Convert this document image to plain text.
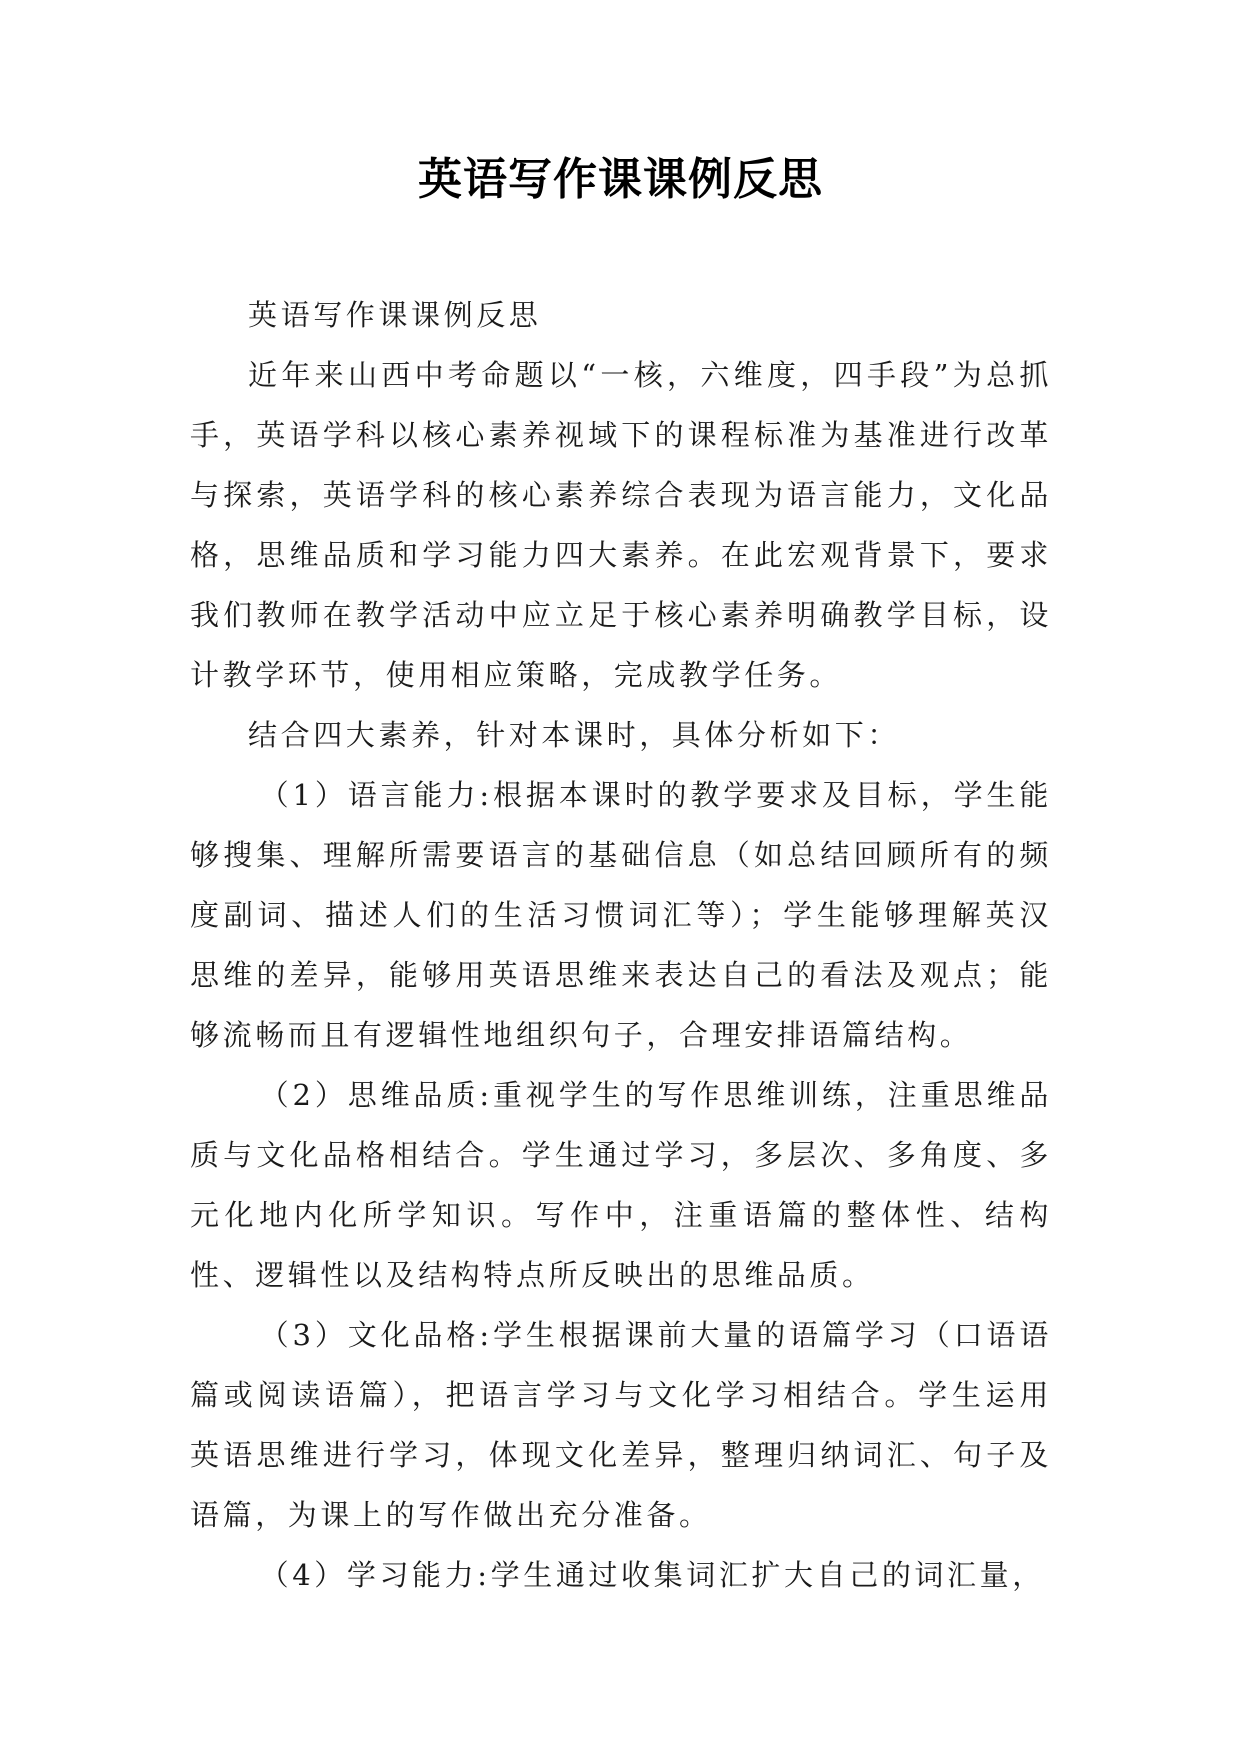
英语写作课课例反思

英语写作课课例反思

近年来山西中考命题以“一核，六维度，四手段”为总抓手，英语学科以核心素养视域下的课程标准为基准进行改革与探索，英语学科的核心素养综合表现为语言能力，文化品格，思维品质和学习能力四大素养。在此宏观背景下，要求我们教师在教学活动中应立足于核心素养明确教学目标，设计教学环节，使用相应策略，完成教学任务。

结合四大素养，针对本课时，具体分析如下：

（1）语言能力:根据本课时的教学要求及目标，学生能够搜集、理解所需要语言的基础信息（如总结回顾所有的频度副词、描述人们的生活习惯词汇等）；学生能够理解英汉思维的差异，能够用英语思维来表达自己的看法及观点；能够流畅而且有逻辑性地组织句子，合理安排语篇结构。

（2）思维品质:重视学生的写作思维训练，注重思维品质与文化品格相结合。学生通过学习，多层次、多角度、多元化地内化所学知识。写作中，注重语篇的整体性、结构性、逻辑性以及结构特点所反映出的思维品质。

（3）文化品格:学生根据课前大量的语篇学习（口语语篇或阅读语篇），把语言学习与文化学习相结合。学生运用英语思维进行学习，体现文化差异，整理归纳词汇、句子及语篇，为课上的写作做出充分准备。

（4）学习能力:学生通过收集词汇扩大自己的词汇量，
